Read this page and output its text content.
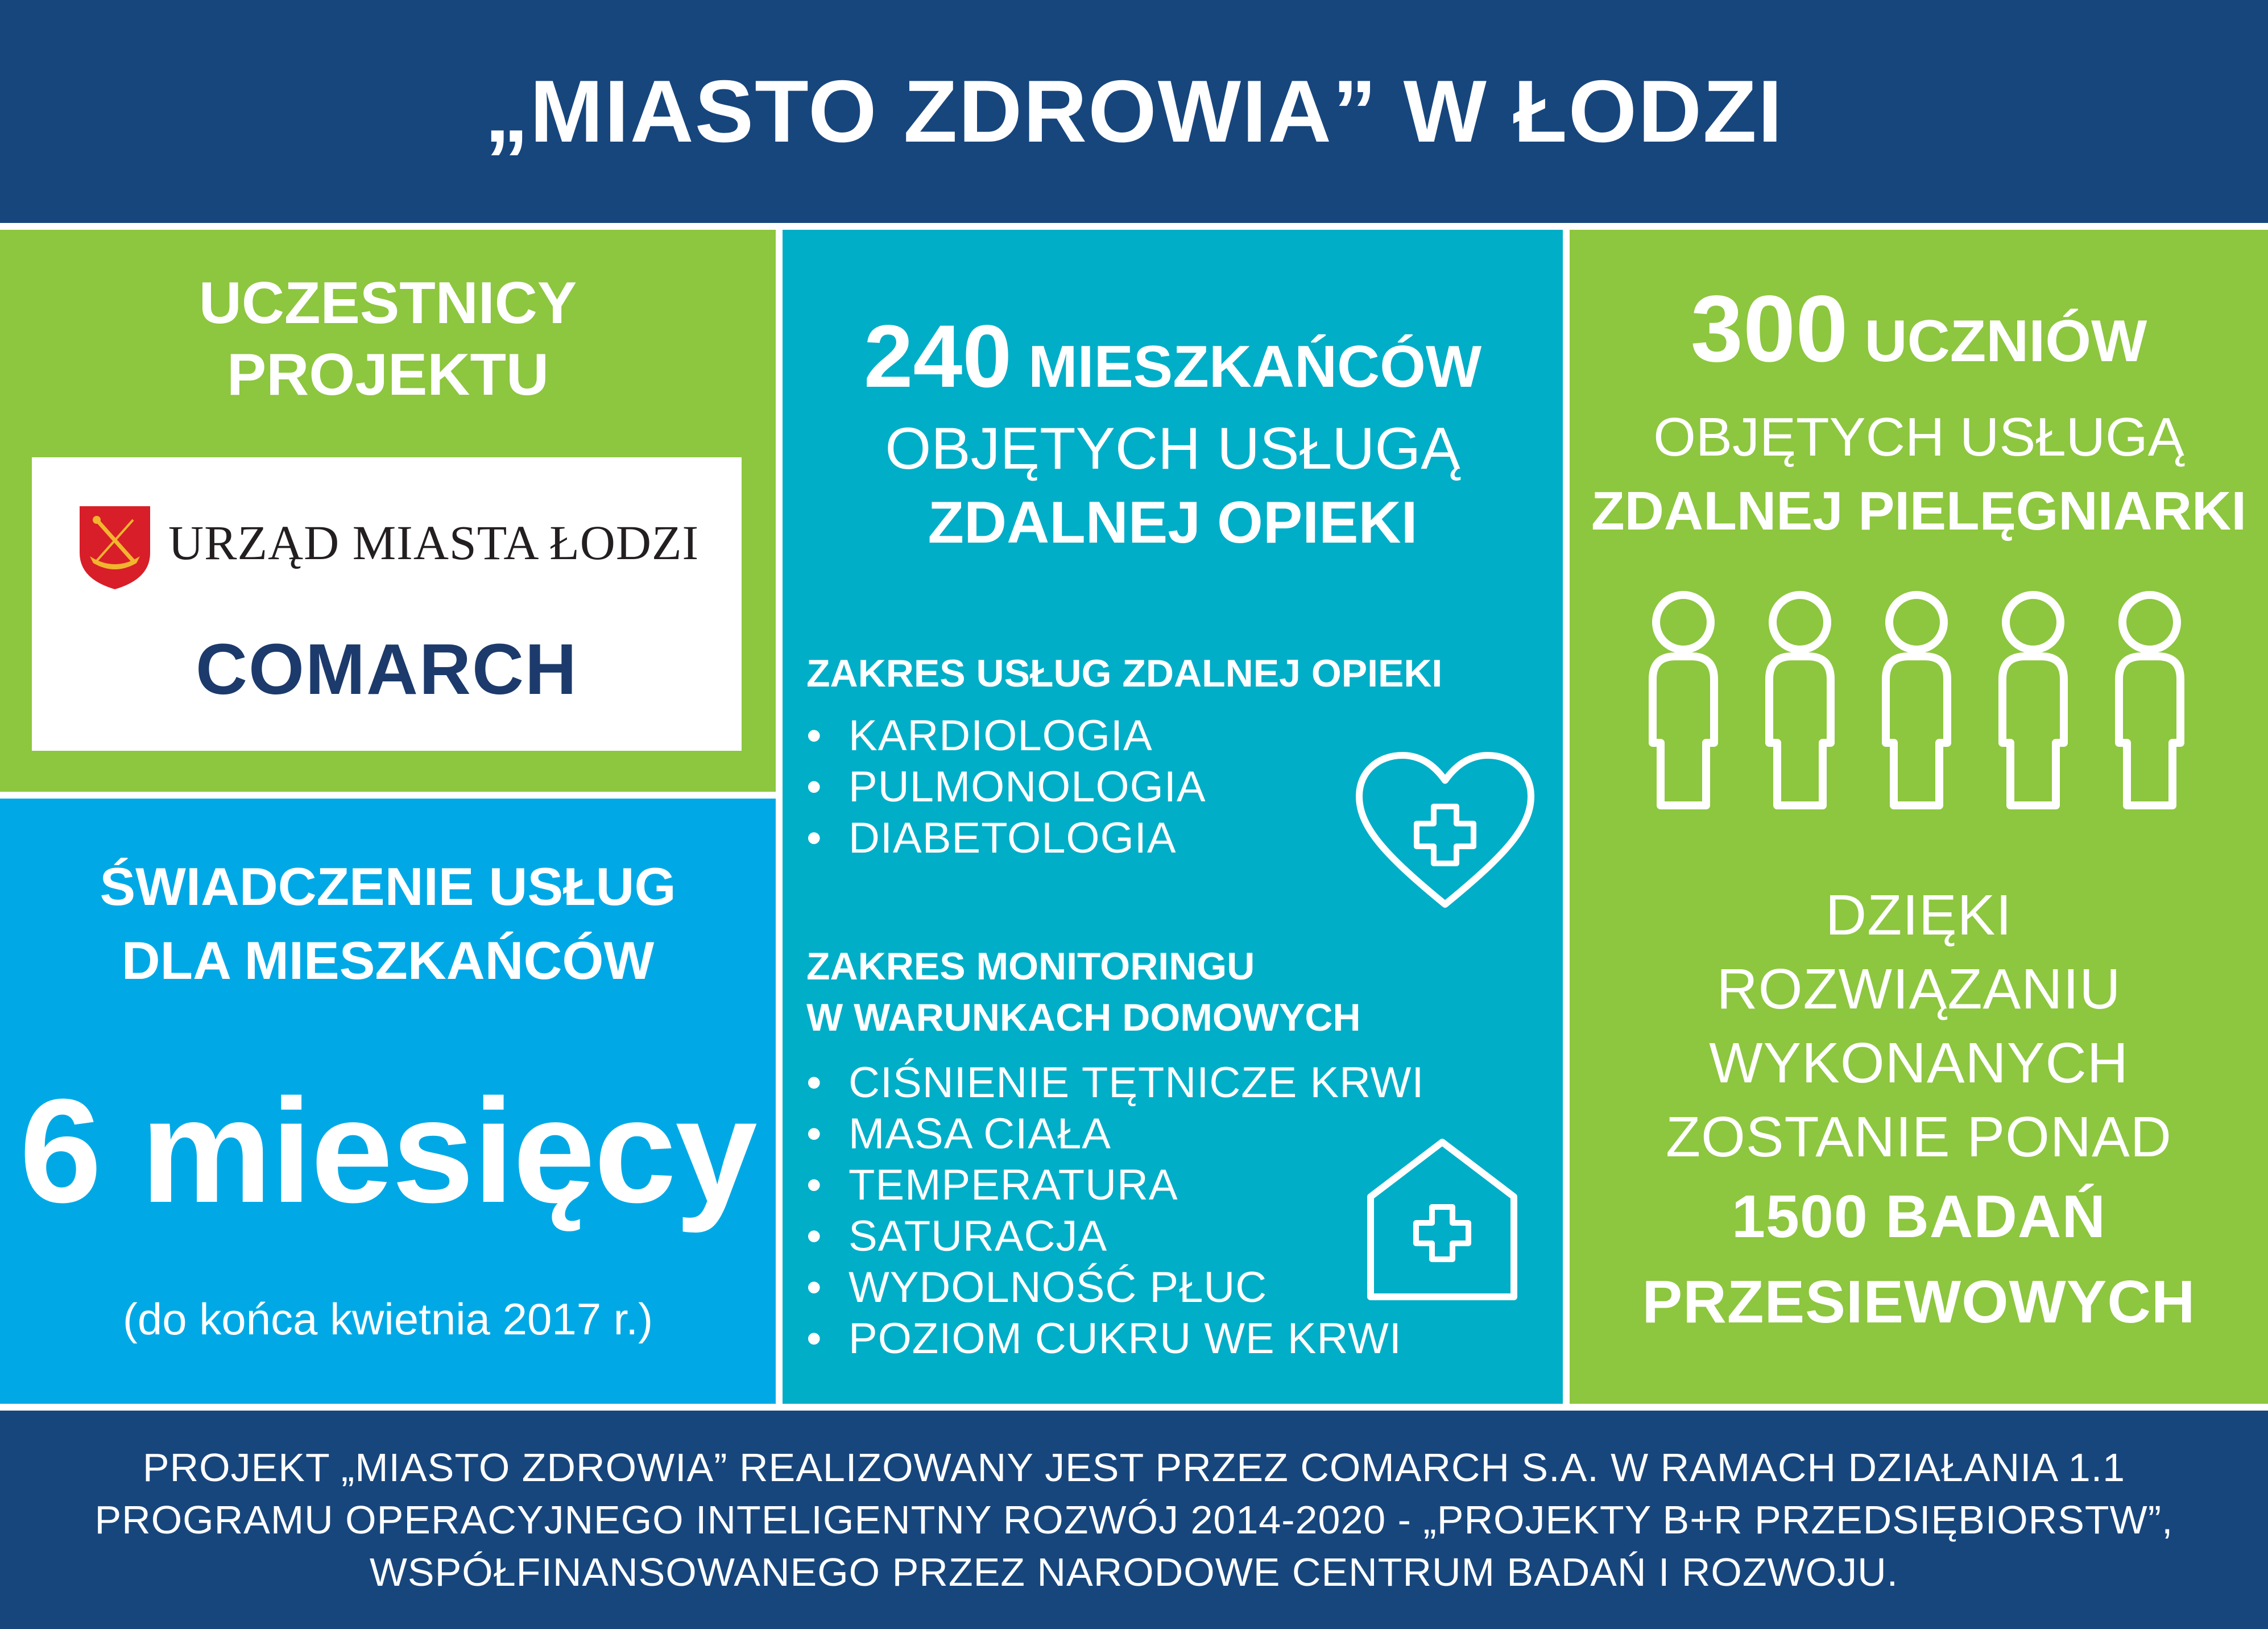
„MIASTO ZDROWIA” W ŁODZI
UCZESTNICY
PROJEKTU
URZĄD MIASTA ŁODZI
COMARCH
ŚWIADCZENIE USŁUG
DLA MIESZKAŃCÓW
6 miesięcy
(do końca kwietnia 2017 r.)
240 MIESZKAŃCÓW
OBJĘTYCH USŁUGĄ
ZDALNEJ OPIEKI
ZAKRES USŁUG ZDALNEJ OPIEKI
• KARDIOLOGIA
• PULMONOLOGIA
• DIABETOLOGIA
ZAKRES MONITORINGU
W WARUNKACH DOMOWYCH
• CIŚNIENIE TĘTNICZE KRWI
• MASA CIAŁA
• TEMPERATURA
• SATURACJA
• WYDOLNOŚĆ PŁUC
• POZIOM CUKRU WE KRWI
300 UCZNIÓW
OBJĘTYCH USŁUGĄ
ZDALNEJ PIELĘGNIARKI
DZIĘKI
ROZWIĄZANIU
WYKONANYCH
ZOSTANIE PONAD
1500 BADAŃ
PRZESIEWOWYCH
PROJEKT „MIASTO ZDROWIA” REALIZOWANY JEST PRZEZ COMARCH S.A. W RAMACH DZIAŁANIA 1.1
PROGRAMU OPERACYJNEGO INTELIGENTNY ROZWÓJ 2014-2020 - „PROJEKTY B+R PRZEDSIĘBIORSTW”,
WSPÓŁFINANSOWANEGO PRZEZ NARODOWE CENTRUM BADAŃ I ROZWOJU.
